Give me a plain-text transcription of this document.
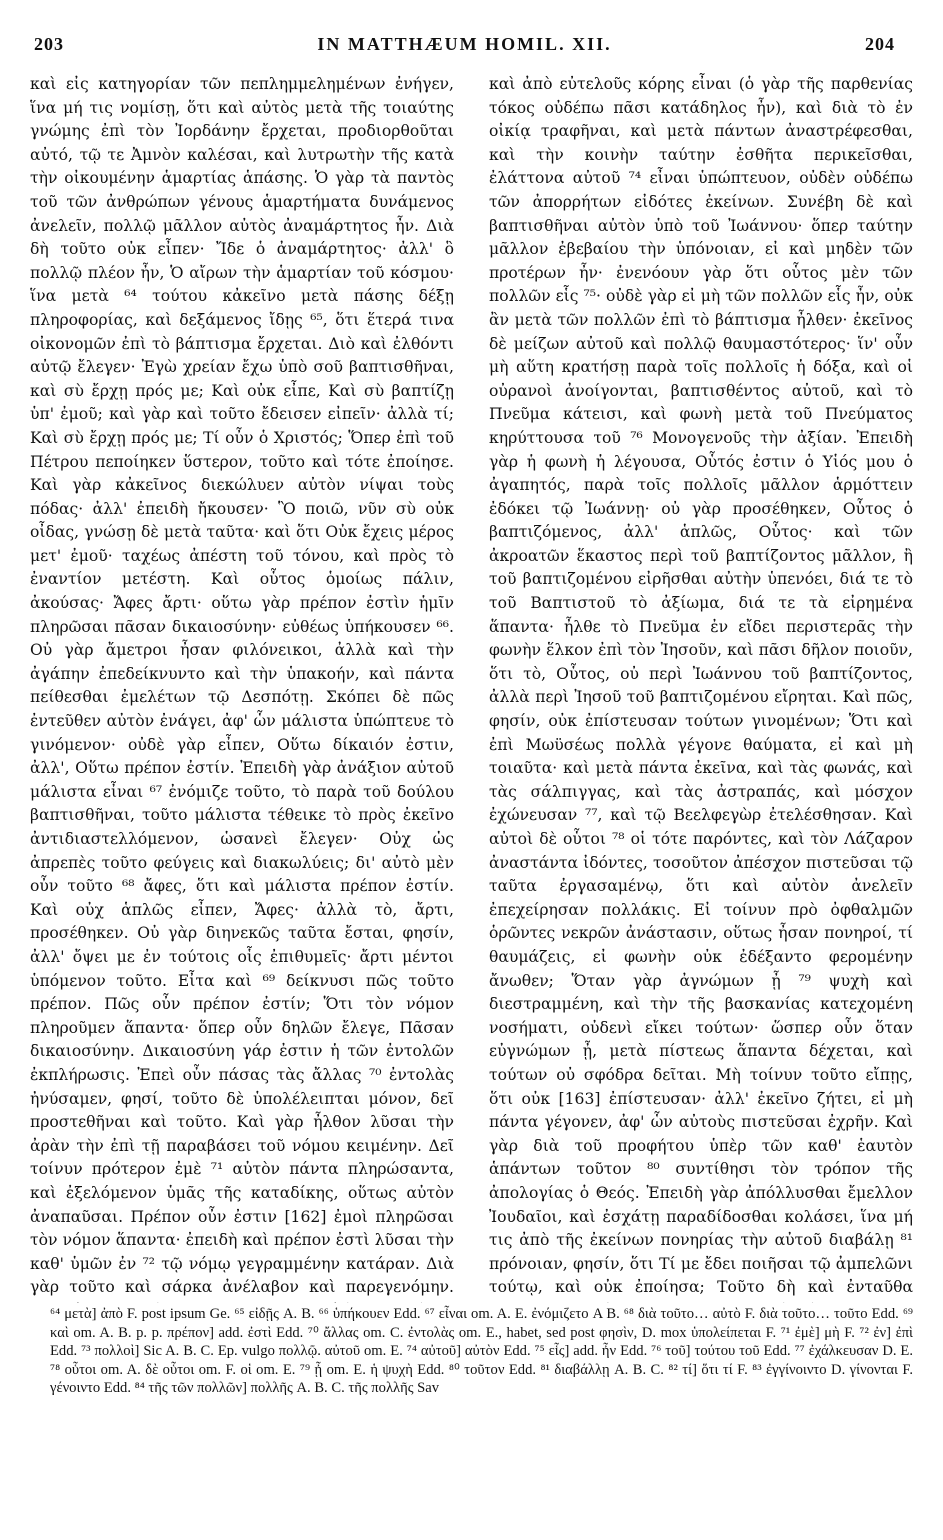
203	IN MATTHÆUM HOMIL. XII.	204

καὶ εἰς κατηγορίαν τῶν πεπλημμελημένων ἐνήγεν, ἵνα μή τις νομίσῃ, ὅτι καὶ αὐτὸς μετὰ τῆς τοιαύτης γνώμης ἐπὶ τὸν Ἰορδάνην ἔρχεται, προδιορθοῦται αὐτό, τῷ τε Ἀμνὸν καλέσαι, καὶ λυτρωτὴν τῆς κατὰ τὴν οἰκουμένην ἁμαρτίας ἁπάσης. Ὁ γὰρ τὰ παντὸς τοῦ τῶν ἀνθρώπων γένους ἁμαρτήματα δυνάμενος ἀνελεῖν, πολλῷ μᾶλλον αὐτὸς ἀναμάρτητος ἦν. Διὰ δὴ τοῦτο οὐκ εἶπεν· Ἴδε ὁ ἀναμάρτητος· ἀλλ' ὃ πολλῷ πλέον ἦν, Ὁ αἴρων τὴν ἁμαρτίαν τοῦ κόσμου· ἵνα μετὰ ⁶⁴ τούτου κἀκεῖνο μετὰ πάσης δέξῃ πληροφορίας, καὶ δεξάμενος ἴδῃς ⁶⁵, ὅτι ἕτερά τινα οἰκονομῶν ἐπὶ τὸ βάπτισμα ἔρχεται. Διὸ καὶ ἐλθόντι αὐτῷ ἔλεγεν· Ἐγὼ χρείαν ἔχω ὑπὸ σοῦ βαπτισθῆναι, καὶ σὺ ἔρχῃ πρός με; Καὶ οὐκ εἶπε, Καὶ σὺ βαπτίζῃ ὑπ' ἐμοῦ; καὶ γὰρ καὶ τοῦτο ἔδεισεν εἰπεῖν· ἀλλὰ τί; Καὶ σὺ ἔρχῃ πρός με; Τί οὖν ὁ Χριστός; Ὅπερ ἐπὶ τοῦ Πέτρου πεποίηκεν ὕστερον, τοῦτο καὶ τότε ἐποίησε. Καὶ γὰρ κἀκεῖνος διεκώλυεν αὐτὸν νίψαι τοὺς πόδας· ἀλλ' ἐπειδὴ ἤκουσεν· Ὃ ποιῶ, νῦν σὺ οὐκ οἶδας, γνώσῃ δὲ μετὰ ταῦτα· καὶ ὅτι Οὐκ ἔχεις μέρος μετ' ἐμοῦ· ταχέως ἀπέστη τοῦ τόνου, καὶ πρὸς τὸ ἐναντίον μετέστη. Καὶ οὗτος ὁμοίως πάλιν, ἀκούσας· Ἄφες ἄρτι· οὕτω γὰρ πρέπον ἐστὶν ἡμῖν πληρῶσαι πᾶσαν δικαιοσύνην· εὐθέως ὑπήκουσεν ⁶⁶. Οὐ γὰρ ἄμετροι ἦσαν φιλόνεικοι, ἀλλὰ καὶ τὴν ἀγάπην ἐπεδείκνυντο καὶ τὴν ὑπακοήν, καὶ πάντα πείθεσθαι ἐμελέτων τῷ Δεσπότῃ. Σκόπει δὲ πῶς ἐντεῦθεν αὐτὸν ἐνάγει, ἀφ' ὧν μάλιστα ὑπώπτευε τὸ γινόμενον· οὐδὲ γὰρ εἶπεν, Οὕτω δίκαιόν ἐστιν, ἀλλ', Οὕτω πρέπον ἐστίν. Ἐπειδὴ γὰρ ἀνάξιον αὐτοῦ μάλιστα εἶναι ⁶⁷ ἐνόμιζε τοῦτο, τὸ παρὰ τοῦ δούλου βαπτισθῆναι, τοῦτο μάλιστα τέθεικε τὸ πρὸς ἐκεῖνο ἀντιδιαστελλόμενον, ὡσανεὶ ἔλεγεν· Οὐχ ὡς ἀπρεπὲς τοῦτο φεύγεις καὶ διακωλύεις; δι' αὐτὸ μὲν οὖν τοῦτο ⁶⁸ ἄφες, ὅτι καὶ μάλιστα πρέπον ἐστίν. Καὶ οὐχ ἁπλῶς εἶπεν, Ἄφες· ἀλλὰ τὸ, ἄρτι, προσέθηκεν. Οὐ γὰρ διηνεκῶς ταῦτα ἔσται, φησίν, ἀλλ' ὄψει με ἐν τούτοις οἷς ἐπιθυμεῖς· ἄρτι μέντοι ὑπόμενον τοῦτο. Εἶτα καὶ ⁶⁹ δείκνυσι πῶς τοῦτο πρέπον. Πῶς οὖν πρέπον ἐστίν; Ὅτι τὸν νόμον πληροῦμεν ἅπαντα· ὅπερ οὖν δηλῶν ἔλεγε, Πᾶσαν δικαιοσύνην. Δικαιοσύνη γάρ ἐστιν ἡ τῶν ἐντολῶν ἐκπλήρωσις. Ἐπεὶ οὖν πάσας τὰς ἄλλας ⁷⁰ ἐντολὰς ἠνύσαμεν, φησί, τοῦτο δὲ ὑπολέλειπται μόνον, δεῖ προστεθῆναι καὶ τοῦτο. Καὶ γὰρ ἦλθον λῦσαι τὴν ἀρὰν τὴν ἐπὶ τῇ παραβάσει τοῦ νόμου κειμένην. Δεῖ τοίνυν πρότερον ἐμὲ ⁷¹ αὐτὸν πάντα πληρώσαντα, καὶ ἐξελόμενον ὑμᾶς τῆς καταδίκης, οὕτως αὐτὸν ἀναπαῦσαι. Πρέπον οὖν ἐστιν [162] ἐμοὶ πληρῶσαι τὸν νόμον ἅπαντα· ἐπειδὴ καὶ πρέπον ἐστὶ λῦσαι τὴν καθ' ὑμῶν ἐν ⁷² τῷ νόμῳ γεγραμμένην κατάραν. Διὰ γὰρ τοῦτο καὶ σάρκα ἀνέλαβον καὶ παρεγενόμην.

καὶ ἀπὸ εὐτελοῦς κόρης εἶναι (ὁ γὰρ τῆς παρθενίας τόκος οὐδέπω πᾶσι κατάδηλος ἦν), καὶ διὰ τὸ ἐν οἰκίᾳ τραφῆναι, καὶ μετὰ πάντων ἀναστρέφεσθαι, καὶ τὴν κοινὴν ταύτην ἐσθῆτα περικεῖσθαι, ἐλάττονα αὐτοῦ ⁷⁴ εἶναι ὑπώπτευον, οὐδὲν οὐδέπω τῶν ἀπορρήτων εἰδότες ἐκείνων. Συνέβη δὲ καὶ βαπτισθῆναι αὐτὸν ὑπὸ τοῦ Ἰωάννου· ὅπερ ταύτην μᾶλλον ἐβεβαίου τὴν ὑπόνοιαν, εἰ καὶ μηδὲν τῶν προτέρων ἦν· ἐνενόουν γὰρ ὅτι οὗτος μὲν τῶν πολλῶν εἷς ⁷⁵· οὐδὲ γὰρ εἰ μὴ τῶν πολλῶν εἷς ἦν, οὐκ ἂν μετὰ τῶν πολλῶν ἐπὶ τὸ βάπτισμα ἦλθεν· ἐκεῖνος δὲ μείζων αὐτοῦ καὶ πολλῷ θαυμαστότερος· ἵν' οὖν μὴ αὕτη κρατήσῃ παρὰ τοῖς πολλοῖς ἡ δόξα, καὶ οἱ οὐρανοὶ ἀνοίγονται, βαπτισθέντος αὐτοῦ, καὶ τὸ Πνεῦμα κάτεισι, καὶ φωνὴ μετὰ τοῦ Πνεύματος κηρύττουσα τοῦ ⁷⁶ Μονογενοῦς τὴν ἀξίαν. Ἐπειδὴ γὰρ ἡ φωνὴ ἡ λέγουσα, Οὗτός ἐστιν ὁ Υἱός μου ὁ ἀγαπητός, παρὰ τοῖς πολλοῖς μᾶλλον ἁρμόττειν ἐδόκει τῷ Ἰωάννῃ· οὐ γὰρ προσέθηκεν, Οὗτος ὁ βαπτιζόμενος, ἀλλ' ἁπλῶς, Οὗτος· καὶ τῶν ἀκροατῶν ἕκαστος περὶ τοῦ βαπτίζοντος μᾶλλον, ἢ τοῦ βαπτιζομένου εἰρῆσθαι αὐτὴν ὑπενόει, διά τε τὸ τοῦ Βαπτιστοῦ τὸ ἀξίωμα, διά τε τὰ εἰρημένα ἅπαντα· ἦλθε τὸ Πνεῦμα ἐν εἴδει περιστερᾶς τὴν φωνὴν ἕλκον ἐπὶ τὸν Ἰησοῦν, καὶ πᾶσι δῆλον ποιοῦν, ὅτι τὸ, Οὗτος, οὐ περὶ Ἰωάννου τοῦ βαπτίζοντος, ἀλλὰ περὶ Ἰησοῦ τοῦ βαπτιζομένου εἴρηται. Καὶ πῶς, φησίν, οὐκ ἐπίστευσαν τούτων γινομένων; Ὅτι καὶ ἐπὶ Μωϋσέως πολλὰ γέγονε θαύματα, εἰ καὶ μὴ τοιαῦτα· καὶ μετὰ πάντα ἐκεῖνα, καὶ τὰς φωνάς, καὶ τὰς σάλπιγγας, καὶ τὰς ἀστραπάς, καὶ μόσχον ἐχώνευσαν ⁷⁷, καὶ τῷ Βεελφεγὼρ ἐτελέσθησαν. Καὶ αὐτοὶ δὲ οὗτοι ⁷⁸ οἱ τότε παρόντες, καὶ τὸν Λάζαρον ἀναστάντα ἰδόντες, τοσοῦτον ἀπέσχον πιστεῦσαι τῷ ταῦτα ἐργασαμένῳ, ὅτι καὶ αὐτὸν ἀνελεῖν ἐπεχείρησαν πολλάκις. Εἰ τοίνυν πρὸ ὀφθαλμῶν ὁρῶντες νεκρῶν ἀνάστασιν, οὕτως ἦσαν πονηροί, τί θαυμάζεις, εἰ φωνὴν οὐκ ἐδέξαντο φερομένην ἄνωθεν; Ὅταν γὰρ ἀγνώμων ᾖ ⁷⁹ ψυχὴ καὶ διεστραμμένη, καὶ τὴν τῆς βασκανίας κατεχομένη νοσήματι, οὐδενὶ εἴκει τούτων· ὥσπερ οὖν ὅταν εὐγνώμων ᾖ, μετὰ πίστεως ἅπαντα δέχεται, καὶ τούτων οὐ σφόδρα δεῖται. Μὴ τοίνυν τοῦτο εἴπῃς, ὅτι οὐκ [163] ἐπίστευσαν· ἀλλ' ἐκεῖνο ζήτει, εἰ μὴ πάντα γέγονεν, ἀφ' ὧν αὐτοὺς πιστεῦσαι ἐχρῆν. Καὶ γὰρ διὰ τοῦ προφήτου ὑπὲρ τῶν καθ' ἑαυτὸν ἁπάντων τοῦτον ⁸⁰ συντίθησι τὸν τρόπον τῆς ἀπολογίας ὁ Θεός. Ἐπειδὴ γὰρ ἀπόλλυσθαι ἔμελλον Ἰουδαῖοι, καὶ ἐσχάτῃ παραδίδοσθαι κολάσει, ἵνα μή τις ἀπὸ τῆς ἐκείνων πονηρίας τὴν αὐτοῦ διαβάλῃ ⁸¹ πρόνοιαν, φησίν, ὅτι Τί με ἔδει ποιῆσαι τῷ ἀμπελῶνι τούτῳ, καὶ οὐκ ἐποίησα; Τοῦτο δὴ καὶ ἐνταῦθα

⁶⁴ μετὰ] ἀπὸ F. post ipsum Ge. ⁶⁵ εἰδῇς A. B. ⁶⁶ ὑπήκουεν Edd. ⁶⁷ εἶναι om. A. E. ἐνόμιζετο A B. ⁶⁸ διὰ τοῦτο… αὐτὸ F. διὰ τοῦτο… τοῦτο Edd. ⁶⁹ καὶ om. A. B. p. p. πρέπον] add. ἐστὶ Edd. ⁷⁰ ἄλλας om. C. ἐντολὰς om. E., habet, sed post φησὶν, D. mox ὑπολείπεται F. ⁷¹ ἐμὲ] μὴ F. ⁷² ἐν] ἐπὶ Edd. ⁷³ πολλοὶ] Sic A. B. C. Ep. vulgo πολλῷ. αὐτοῦ om. E. ⁷⁴ αὐτοῦ] αὐτὸν Edd. ⁷⁵ εἷς] add. ἦν Edd. ⁷⁶ τοῦ] τούτου τοῦ Edd. ⁷⁷ ἐχάλκευσαν D. E. ⁷⁸ οὗτοι om. A. δὲ οὗτοι om. F. οἱ om. E. ⁷⁹ ᾖ om. E. ἡ ψυχὴ Edd. ⁸⁰ τοῦτον Edd. ⁸¹ διαβάλλῃ A. B. C. ⁸² τί] ὅτι τί F. ⁸³ ἐγγίνοιντο D. γίνονται F. γένοιντο Edd. ⁸⁴ τῆς τῶν πολλῶν] πολλῆς A. B. C. τῆς πολλῆς Sav
